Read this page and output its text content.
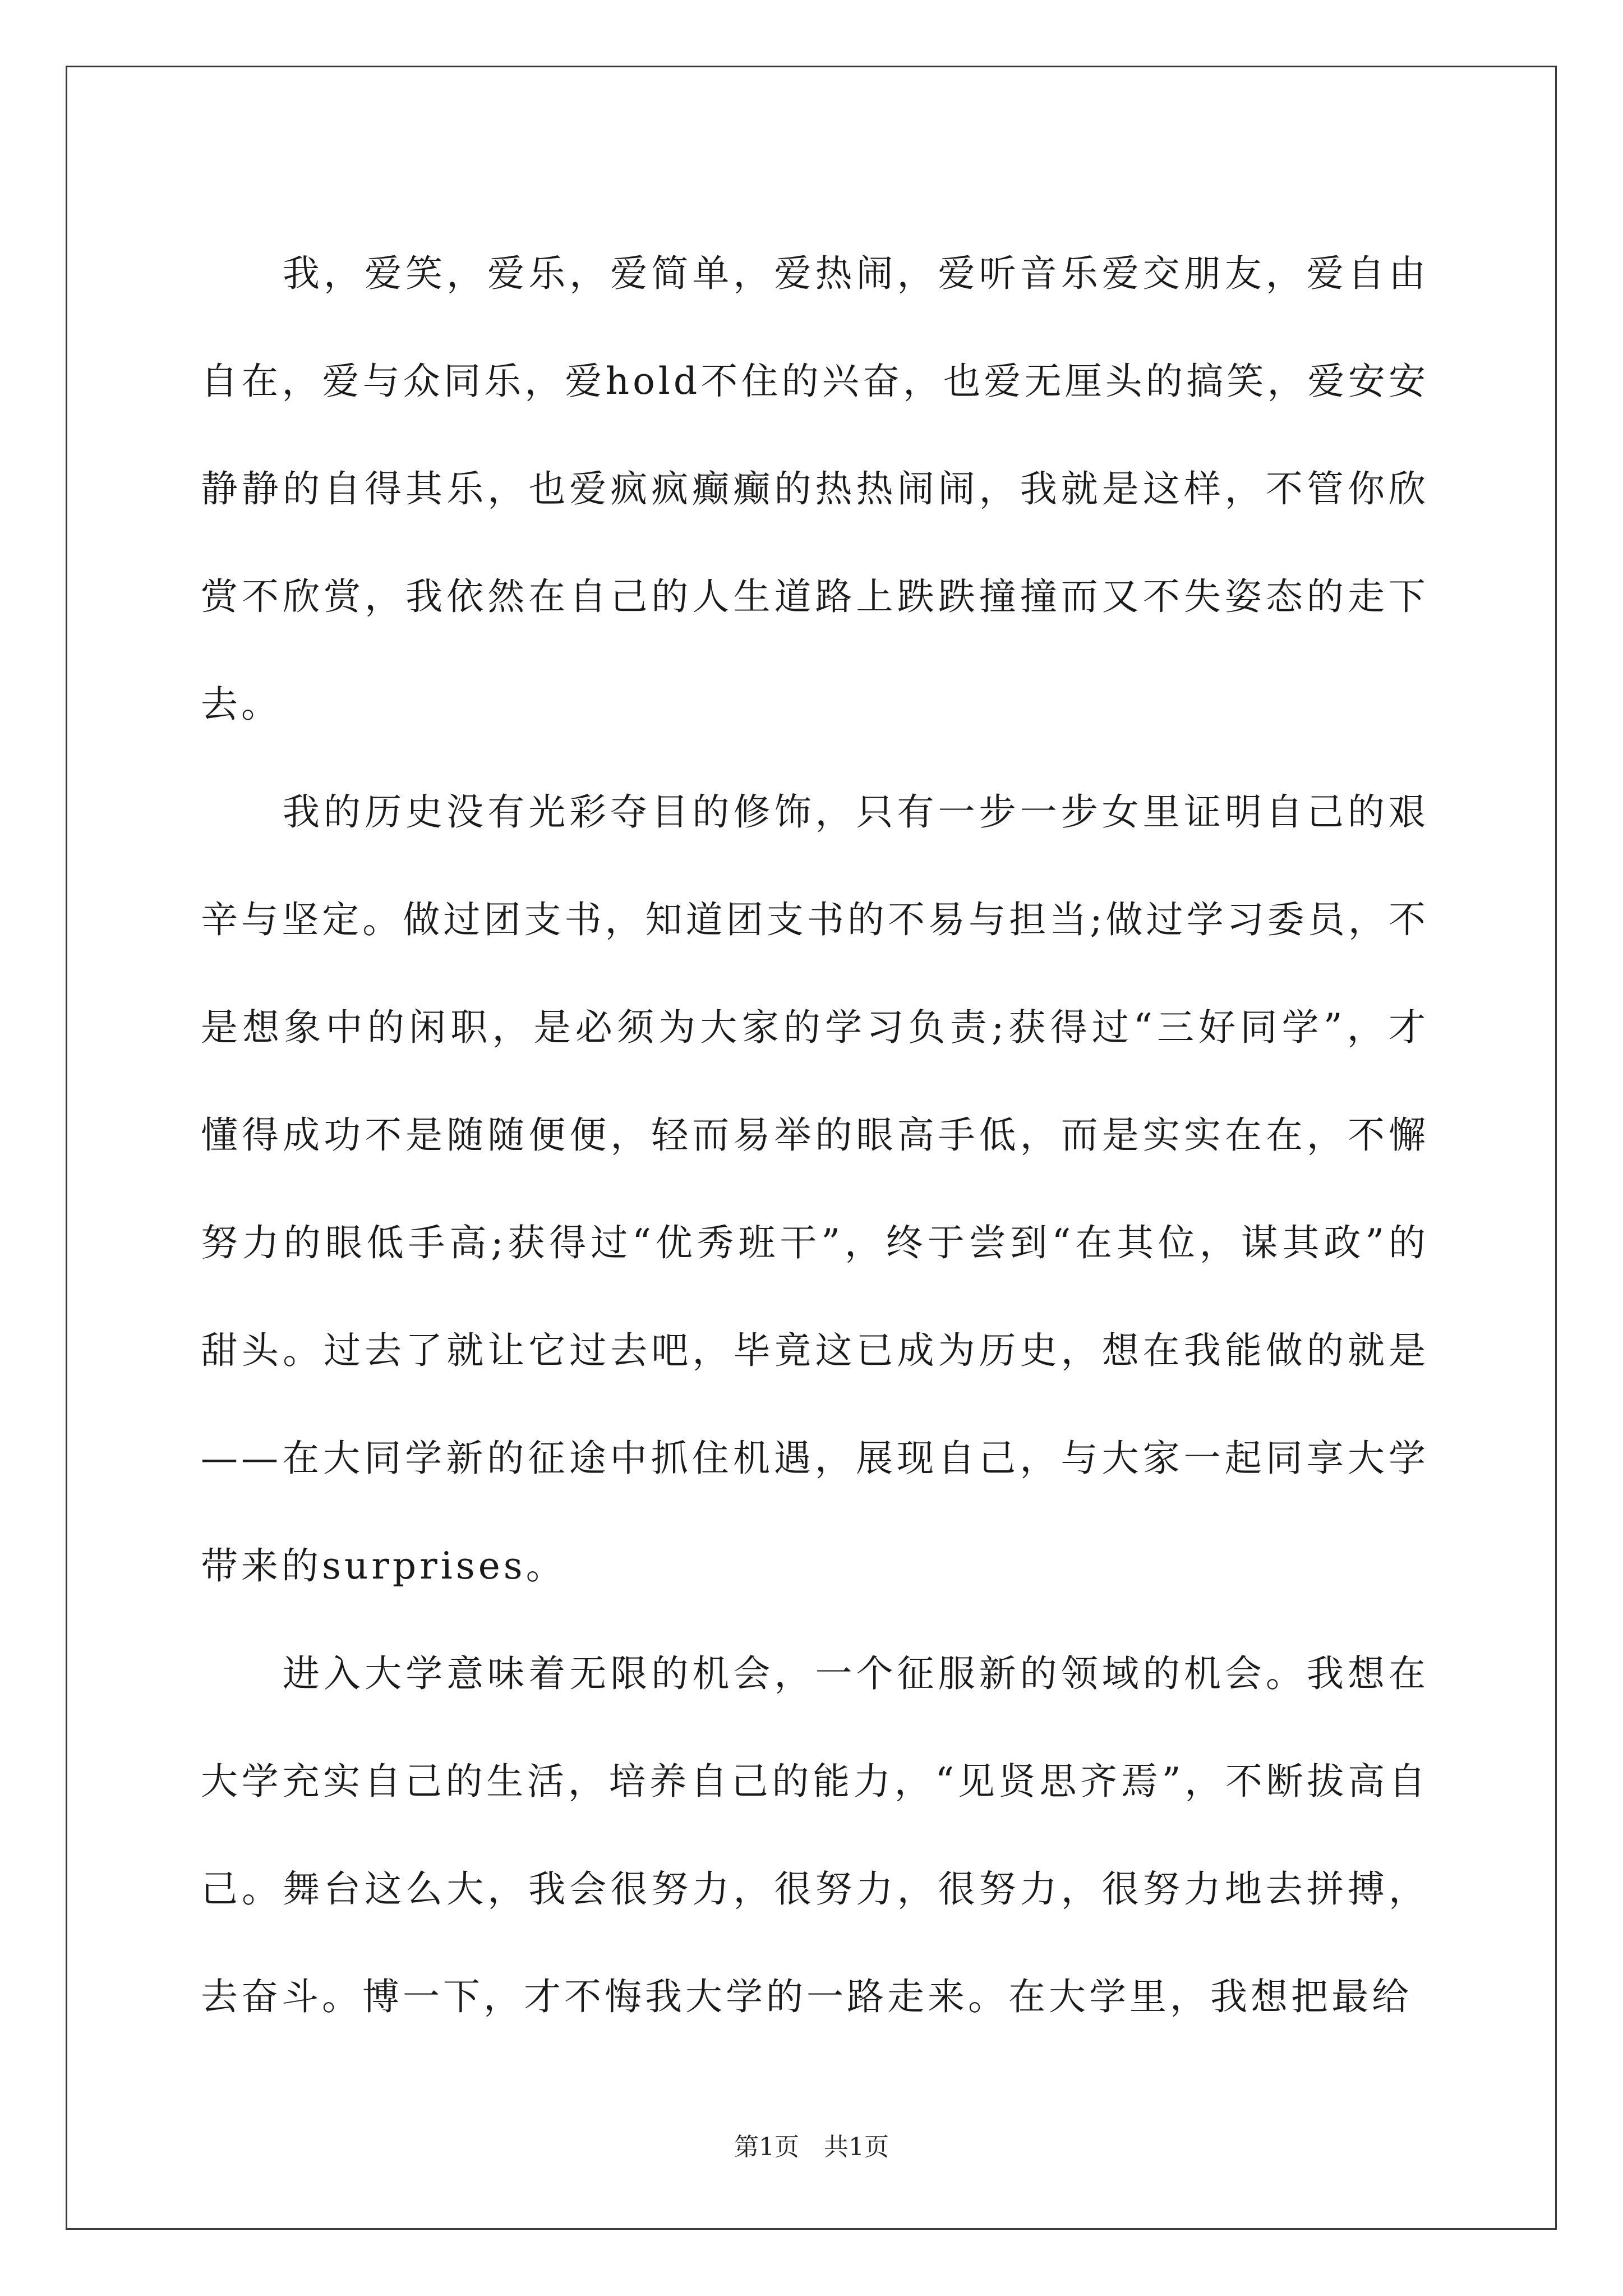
我，爱笑，爱乐，爱简单，爱热闹，爱听音乐爱交朋友，爱自由自在，爱与众同乐，爱hold不住的兴奋，也爱无厘头的搞笑，爱安安静静的自得其乐，也爱疯疯癫癫的热热闹闹，我就是这样，不管你欣赏不欣赏，我依然在自己的人生道路上跌跌撞撞而又不失姿态的走下去。

我的历史没有光彩夺目的修饰，只有一步一步女里证明自己的艰辛与坚定。做过团支书，知道团支书的不易与担当;做过学习委员，不是想象中的闲职，是必须为大家的学习负责;获得过“三好同学”，才懂得成功不是随随便便，轻而易举的眼高手低，而是实实在在，不懈努力的眼低手高;获得过“优秀班干”，终于尝到“在其位，谋其政”的甜头。过去了就让它过去吧，毕竟这已成为历史，想在我能做的就是——在大同学新的征途中抓住机遇，展现自己，与大家一起同享大学带来的surprises。

进入大学意味着无限的机会，一个征服新的领域的机会。我想在大学充实自己的生活，培养自己的能力，“见贤思齐焉”，不断拔高自己。舞台这么大，我会很努力，很努力，很努力，很努力地去拼搏，去奋斗。博一下，才不悔我大学的一路走来。在大学里，我想把最给

第1页 共1页
